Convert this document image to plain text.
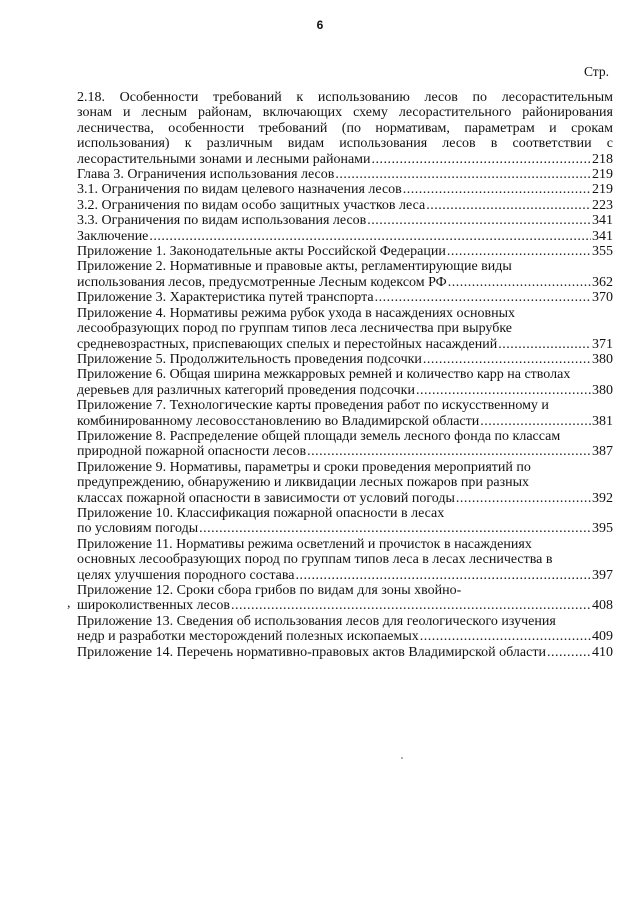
6
Стр.
2.18. Особенности требований к использованию лесов по лесорастительным
зонам и лесным районам, включающих схему лесорастительного районирования
лесничества, особенности требований (по нормативам, параметрам и срокам
использования) к различным видам использования лесов в соответствии с
лесорастительными зонами и лесными районами .....	218
Глава 3. Ограничения использования лесов .....	219
3.1. Ограничения по видам целевого назначения лесов .....	219
3.2. Ограничения по видам особо защитных участков леса .....	223
3.3. Ограничения по видам использования лесов .....	341
Заключение .....	341
Приложение 1. Законодательные акты Российской Федерации .....	355
Приложение 2. Нормативные и правовые акты, регламентирующие виды
использования лесов, предусмотренные Лесным кодексом РФ .....	362
Приложение 3. Характеристика путей транспорта .....	370
Приложение 4. Нормативы режима рубок ухода в насаждениях основных
лесообразующих пород по группам типов леса лесничества при вырубке
средневозрастных, приспевающих спелых и перестойных насаждений .....	371
Приложение 5. Продолжительность проведения подсочки .....	380
Приложение 6. Общая ширина межкарровых ремней и количество карр на стволах
деревьев для различных категорий проведения подсочки .....	380
Приложение 7. Технологические карты проведения работ по искусственному и
комбинированному лесовосстановлению во Владимирской области .....	381
Приложение 8. Распределение общей площади земель лесного фонда по классам
природной пожарной опасности лесов .....	387
Приложение 9. Нормативы, параметры и сроки проведения мероприятий по
предупреждению, обнаружению и ликвидации лесных пожаров при разных
классах пожарной опасности в зависимости от условий погоды .....	392
Приложение 10. Классификация пожарной опасности в лесах
по условиям погоды .....	395
Приложение 11. Нормативы режима осветлений и прочисток в насаждениях
основных лесообразующих пород по группам типов леса в лесах лесничества в
целях улучшения породного состава .....	397
Приложение 12. Сроки сбора грибов по видам для зоны хвойно-
широколиственных лесов .....	408
Приложение 13. Сведения об использования лесов для геологического изучения
недр и разработки месторождений полезных ископаемых .....	409
Приложение 14. Перечень нормативно-правовых актов Владимирской области .....	410
,
